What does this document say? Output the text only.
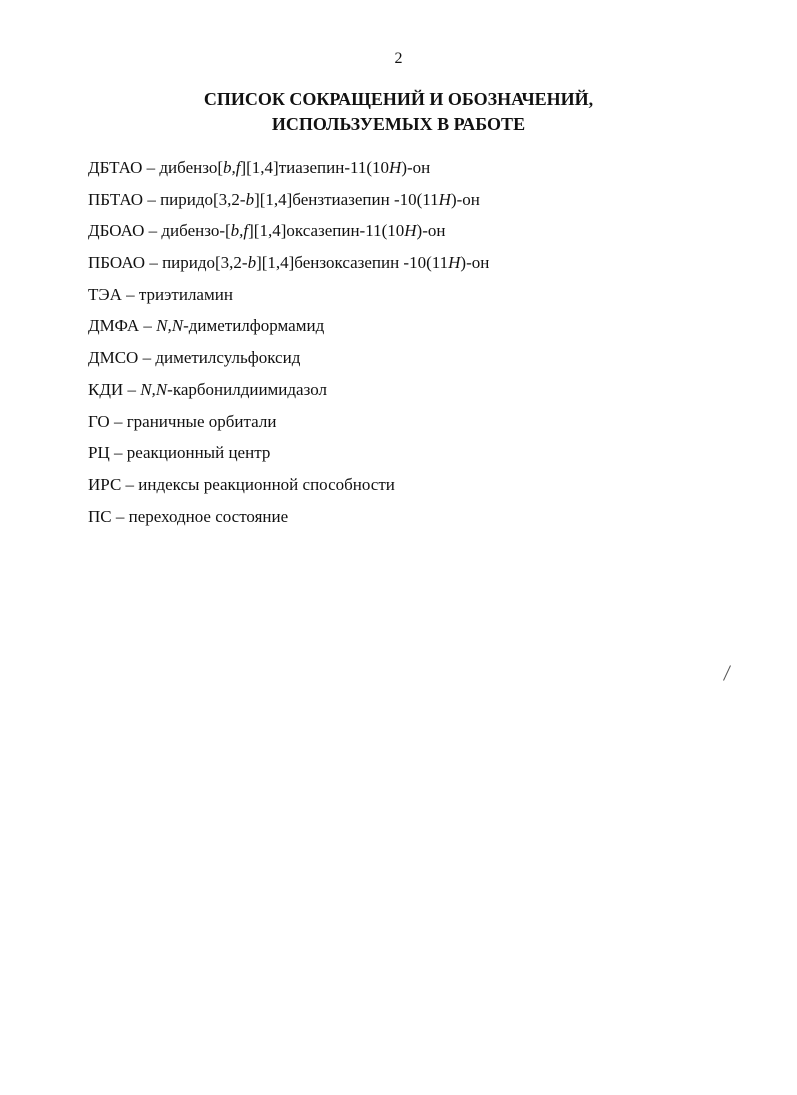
2
СПИСОК СОКРАЩЕНИЙ И ОБОЗНАЧЕНИЙ,
ИСПОЛЬЗУЕМЫХ В РАБОТЕ
ДБТАО – дибензо[b,f][1,4]тиазепин-11(10H)-он
ПБТАО – пиридо[3,2-b][1,4]бензтиазепин -10(11H)-он
ДБОАО – дибензо-[b,f][1,4]оксазепин-11(10H)-он
ПБОАО – пиридо[3,2-b][1,4]бензоксазепин -10(11H)-он
ТЭА – триэтиламин
ДМФА – N,N-диметилформамид
ДМСО – диметилсульфоксид
КДИ – N,N-карбонилдиимидазол
ГО – граничные орбитали
РЦ – реакционный центр
ИРС – индексы реакционной способности
ПС – переходное состояние
